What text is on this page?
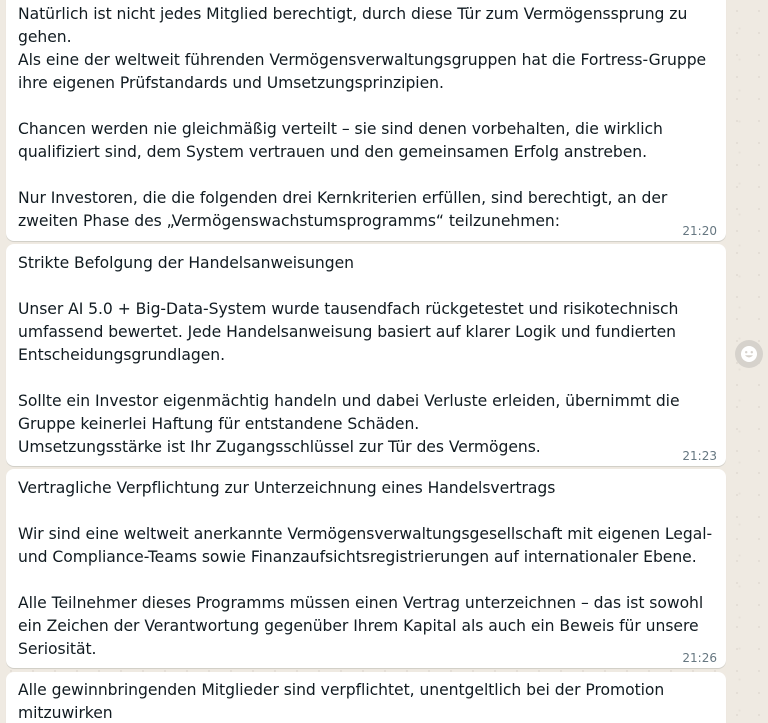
Natürlich ist nicht jedes Mitglied berechtigt, durch diese Tür zum Vermögenssprung zu gehen.
Als eine der weltweit führenden Vermögensverwaltungsgruppen hat die Fortress-Gruppe ihre eigenen Prüfstandards und Umsetzungsprinzipien.

Chancen werden nie gleichmäßig verteilt – sie sind denen vorbehalten, die wirklich qualifiziert sind, dem System vertrauen und den gemeinsamen Erfolg anstreben.

Nur Investoren, die die folgenden drei Kernkriterien erfüllen, sind berechtigt, an der zweiten Phase des „Vermögenswachstumsprogramms“ teilzunehmen:

21:20

Strikte Befolgung der Handelsanweisungen

Unser AI 5.0 + Big-Data-System wurde tausendfach rückgetestet und risikotechnisch umfassend bewertet. Jede Handelsanweisung basiert auf klarer Logik und fundierten Entscheidungsgrundlagen.

Sollte ein Investor eigenmächtig handeln und dabei Verluste erleiden, übernimmt die Gruppe keinerlei Haftung für entstandene Schäden.
Umsetzungsstärke ist Ihr Zugangsschlüssel zur Tür des Vermögens.	21:23

Vertragliche Verpflichtung zur Unterzeichnung eines Handelsvertrags

Wir sind eine weltweit anerkannte Vermögensverwaltungsgesellschaft mit eigenen Legal- und Compliance-Teams sowie Finanzaufsichtsregistrierungen auf internationaler Ebene.

Alle Teilnehmer dieses Programms müssen einen Vertrag unterzeichnen – das ist sowohl ein Zeichen der Verantwortung gegenüber Ihrem Kapital als auch ein Beweis für unsere Seriosität.	21:26

Alle gewinnbringenden Mitglieder sind verpflichtet, unentgeltlich bei der Promotion mitzuwirken
